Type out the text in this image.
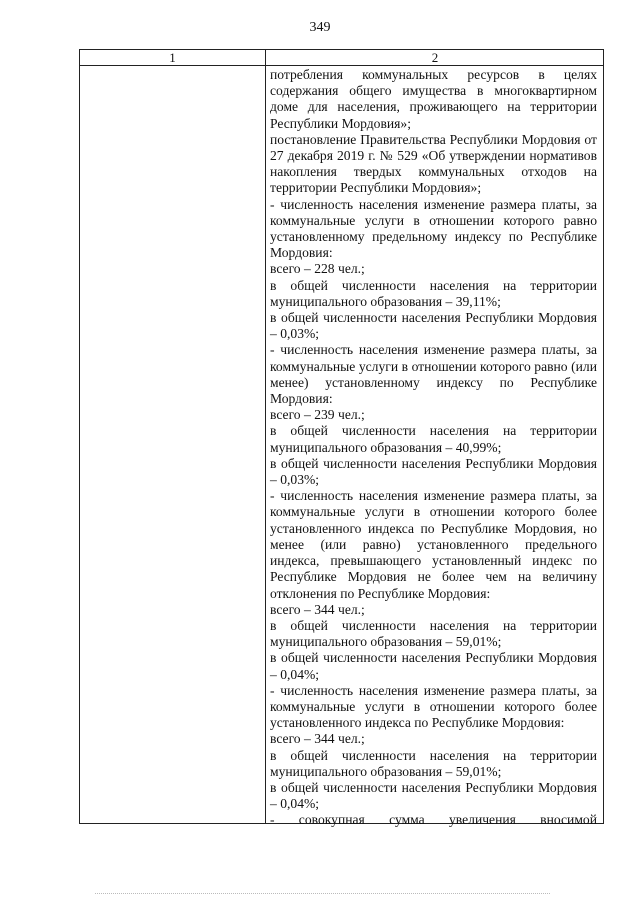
349
1	2

потребления коммунальных ресурсов в целях содержания общего имущества в многоквартирном доме для населения, проживающего на территории Республики Мордовия»;

постановление Правительства Республики Мордовия от 27 декабря 2019 г. № 529 «Об утверждении нормативов накопления твердых коммунальных отходов на территории Республики Мордовия»;

- численность населения изменение размера платы, за коммунальные услуги в отношении которого равно установленному предельному индексу по Республике Мордовия:

всего – 228 чел.;

в общей численности населения на территории муниципального образования – 39,11%;

в общей численности населения Республики Мордовия – 0,03%;

- численность населения изменение размера платы, за коммунальные услуги в отношении которого равно (или менее) установленному индексу по Республике Мордовия:

всего – 239 чел.;

в общей численности населения на территории муниципального образования – 40,99%;

в общей численности населения Республики Мордовия – 0,03%;

- численность населения изменение размера платы, за коммунальные услуги в отношении которого более установленного индекса по Республике Мордовия, но менее (или равно) установленного предельного индекса, превышающего установленный индекс по Республике Мордовия не более чем на величину отклонения по Республике Мордовия:

всего – 344 чел.;

в общей численности населения на территории муниципального образования – 59,01%;

в общей численности населения Республики Мордовия – 0,04%;

- численность населения изменение размера платы, за коммунальные услуги в отношении которого более установленного индекса по Республике Мордовия:

всего – 344 чел.;

в общей численности населения на территории муниципального образования – 59,01%;

в общей численности населения Республики Мордовия – 0,04%;

- совокупная сумма увеличения вносимой
